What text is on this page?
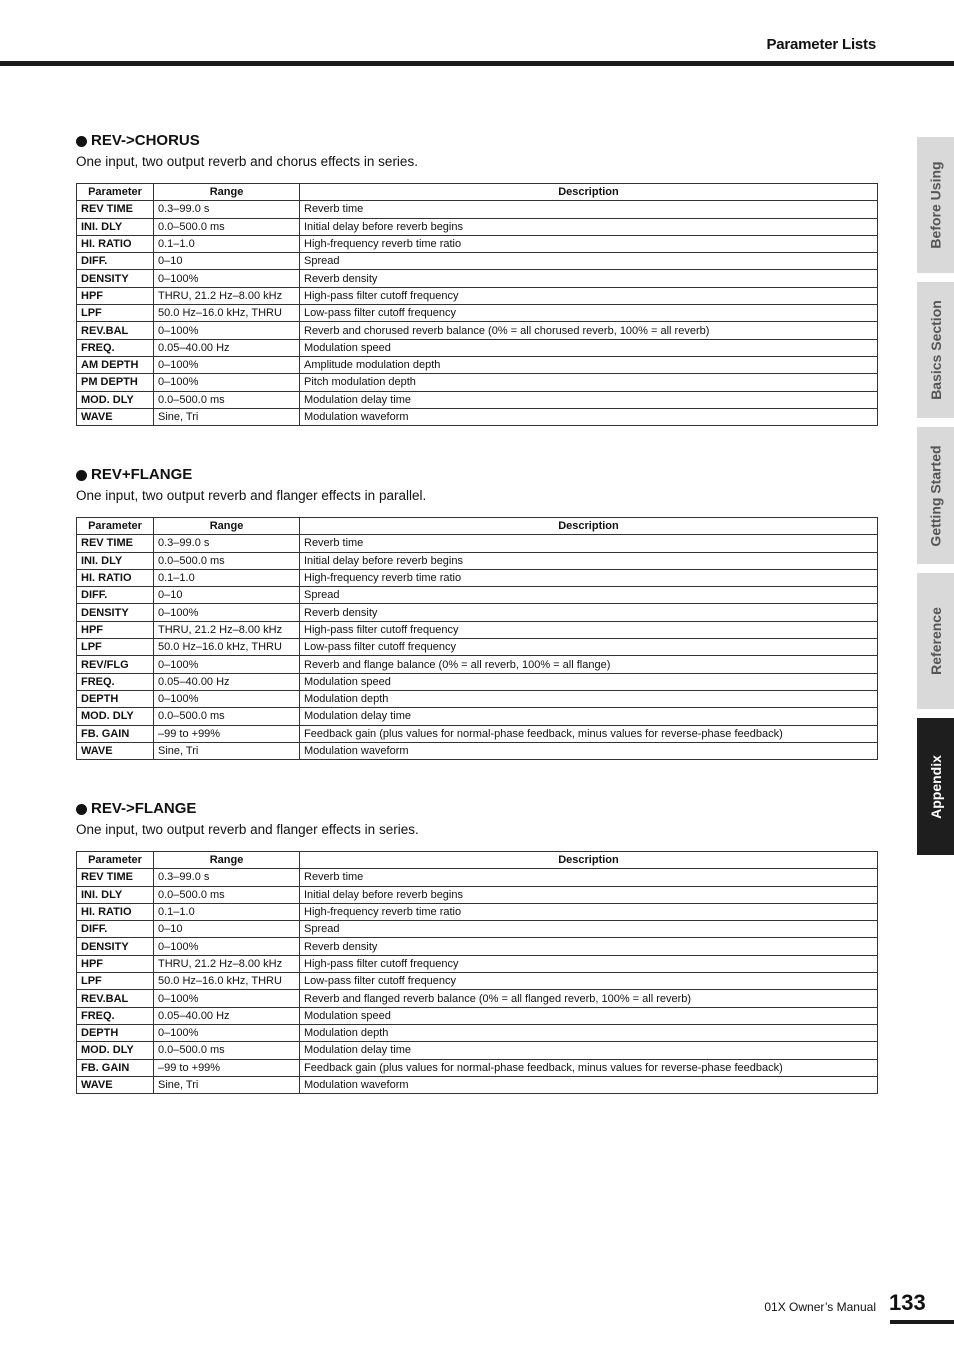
Parameter Lists
REV->CHORUS
One input, two output reverb and chorus effects in series.
Parameter	Range	Description
REV TIME	0.3–99.0 s	Reverb time
INI. DLY	0.0–500.0 ms	Initial delay before reverb begins
HI. RATIO	0.1–1.0	High-frequency reverb time ratio
DIFF.	0–10	Spread
DENSITY	0–100%	Reverb density
HPF	THRU, 21.2 Hz–8.00 kHz	High-pass filter cutoff frequency
LPF	50.0 Hz–16.0 kHz, THRU	Low-pass filter cutoff frequency
REV.BAL	0–100%	Reverb and chorused reverb balance (0% = all chorused reverb, 100% = all reverb)
FREQ.	0.05–40.00 Hz	Modulation speed
AM DEPTH	0–100%	Amplitude modulation depth
PM DEPTH	0–100%	Pitch modulation depth
MOD. DLY	0.0–500.0 ms	Modulation delay time
WAVE	Sine, Tri	Modulation waveform
REV+FLANGE
One input, two output reverb and flanger effects in parallel.
Parameter	Range	Description
REV TIME	0.3–99.0 s	Reverb time
INI. DLY	0.0–500.0 ms	Initial delay before reverb begins
HI. RATIO	0.1–1.0	High-frequency reverb time ratio
DIFF.	0–10	Spread
DENSITY	0–100%	Reverb density
HPF	THRU, 21.2 Hz–8.00 kHz	High-pass filter cutoff frequency
LPF	50.0 Hz–16.0 kHz, THRU	Low-pass filter cutoff frequency
REV/FLG	0–100%	Reverb and flange balance (0% = all reverb, 100% = all flange)
FREQ.	0.05–40.00 Hz	Modulation speed
DEPTH	0–100%	Modulation depth
MOD. DLY	0.0–500.0 ms	Modulation delay time
FB. GAIN	–99 to +99%	Feedback gain (plus values for normal-phase feedback, minus values for reverse-phase feedback)
WAVE	Sine, Tri	Modulation waveform
REV->FLANGE
One input, two output reverb and flanger effects in series.
Parameter	Range	Description
REV TIME	0.3–99.0 s	Reverb time
INI. DLY	0.0–500.0 ms	Initial delay before reverb begins
HI. RATIO	0.1–1.0	High-frequency reverb time ratio
DIFF.	0–10	Spread
DENSITY	0–100%	Reverb density
HPF	THRU, 21.2 Hz–8.00 kHz	High-pass filter cutoff frequency
LPF	50.0 Hz–16.0 kHz, THRU	Low-pass filter cutoff frequency
REV.BAL	0–100%	Reverb and flanged reverb balance (0% = all flanged reverb, 100% = all reverb)
FREQ.	0.05–40.00 Hz	Modulation speed
DEPTH	0–100%	Modulation depth
MOD. DLY	0.0–500.0 ms	Modulation delay time
FB. GAIN	–99 to +99%	Feedback gain (plus values for normal-phase feedback, minus values for reverse-phase feedback)
WAVE	Sine, Tri	Modulation waveform
Before Using
Basics Section
Getting Started
Reference
Appendix
01X Owner’s Manual 133
